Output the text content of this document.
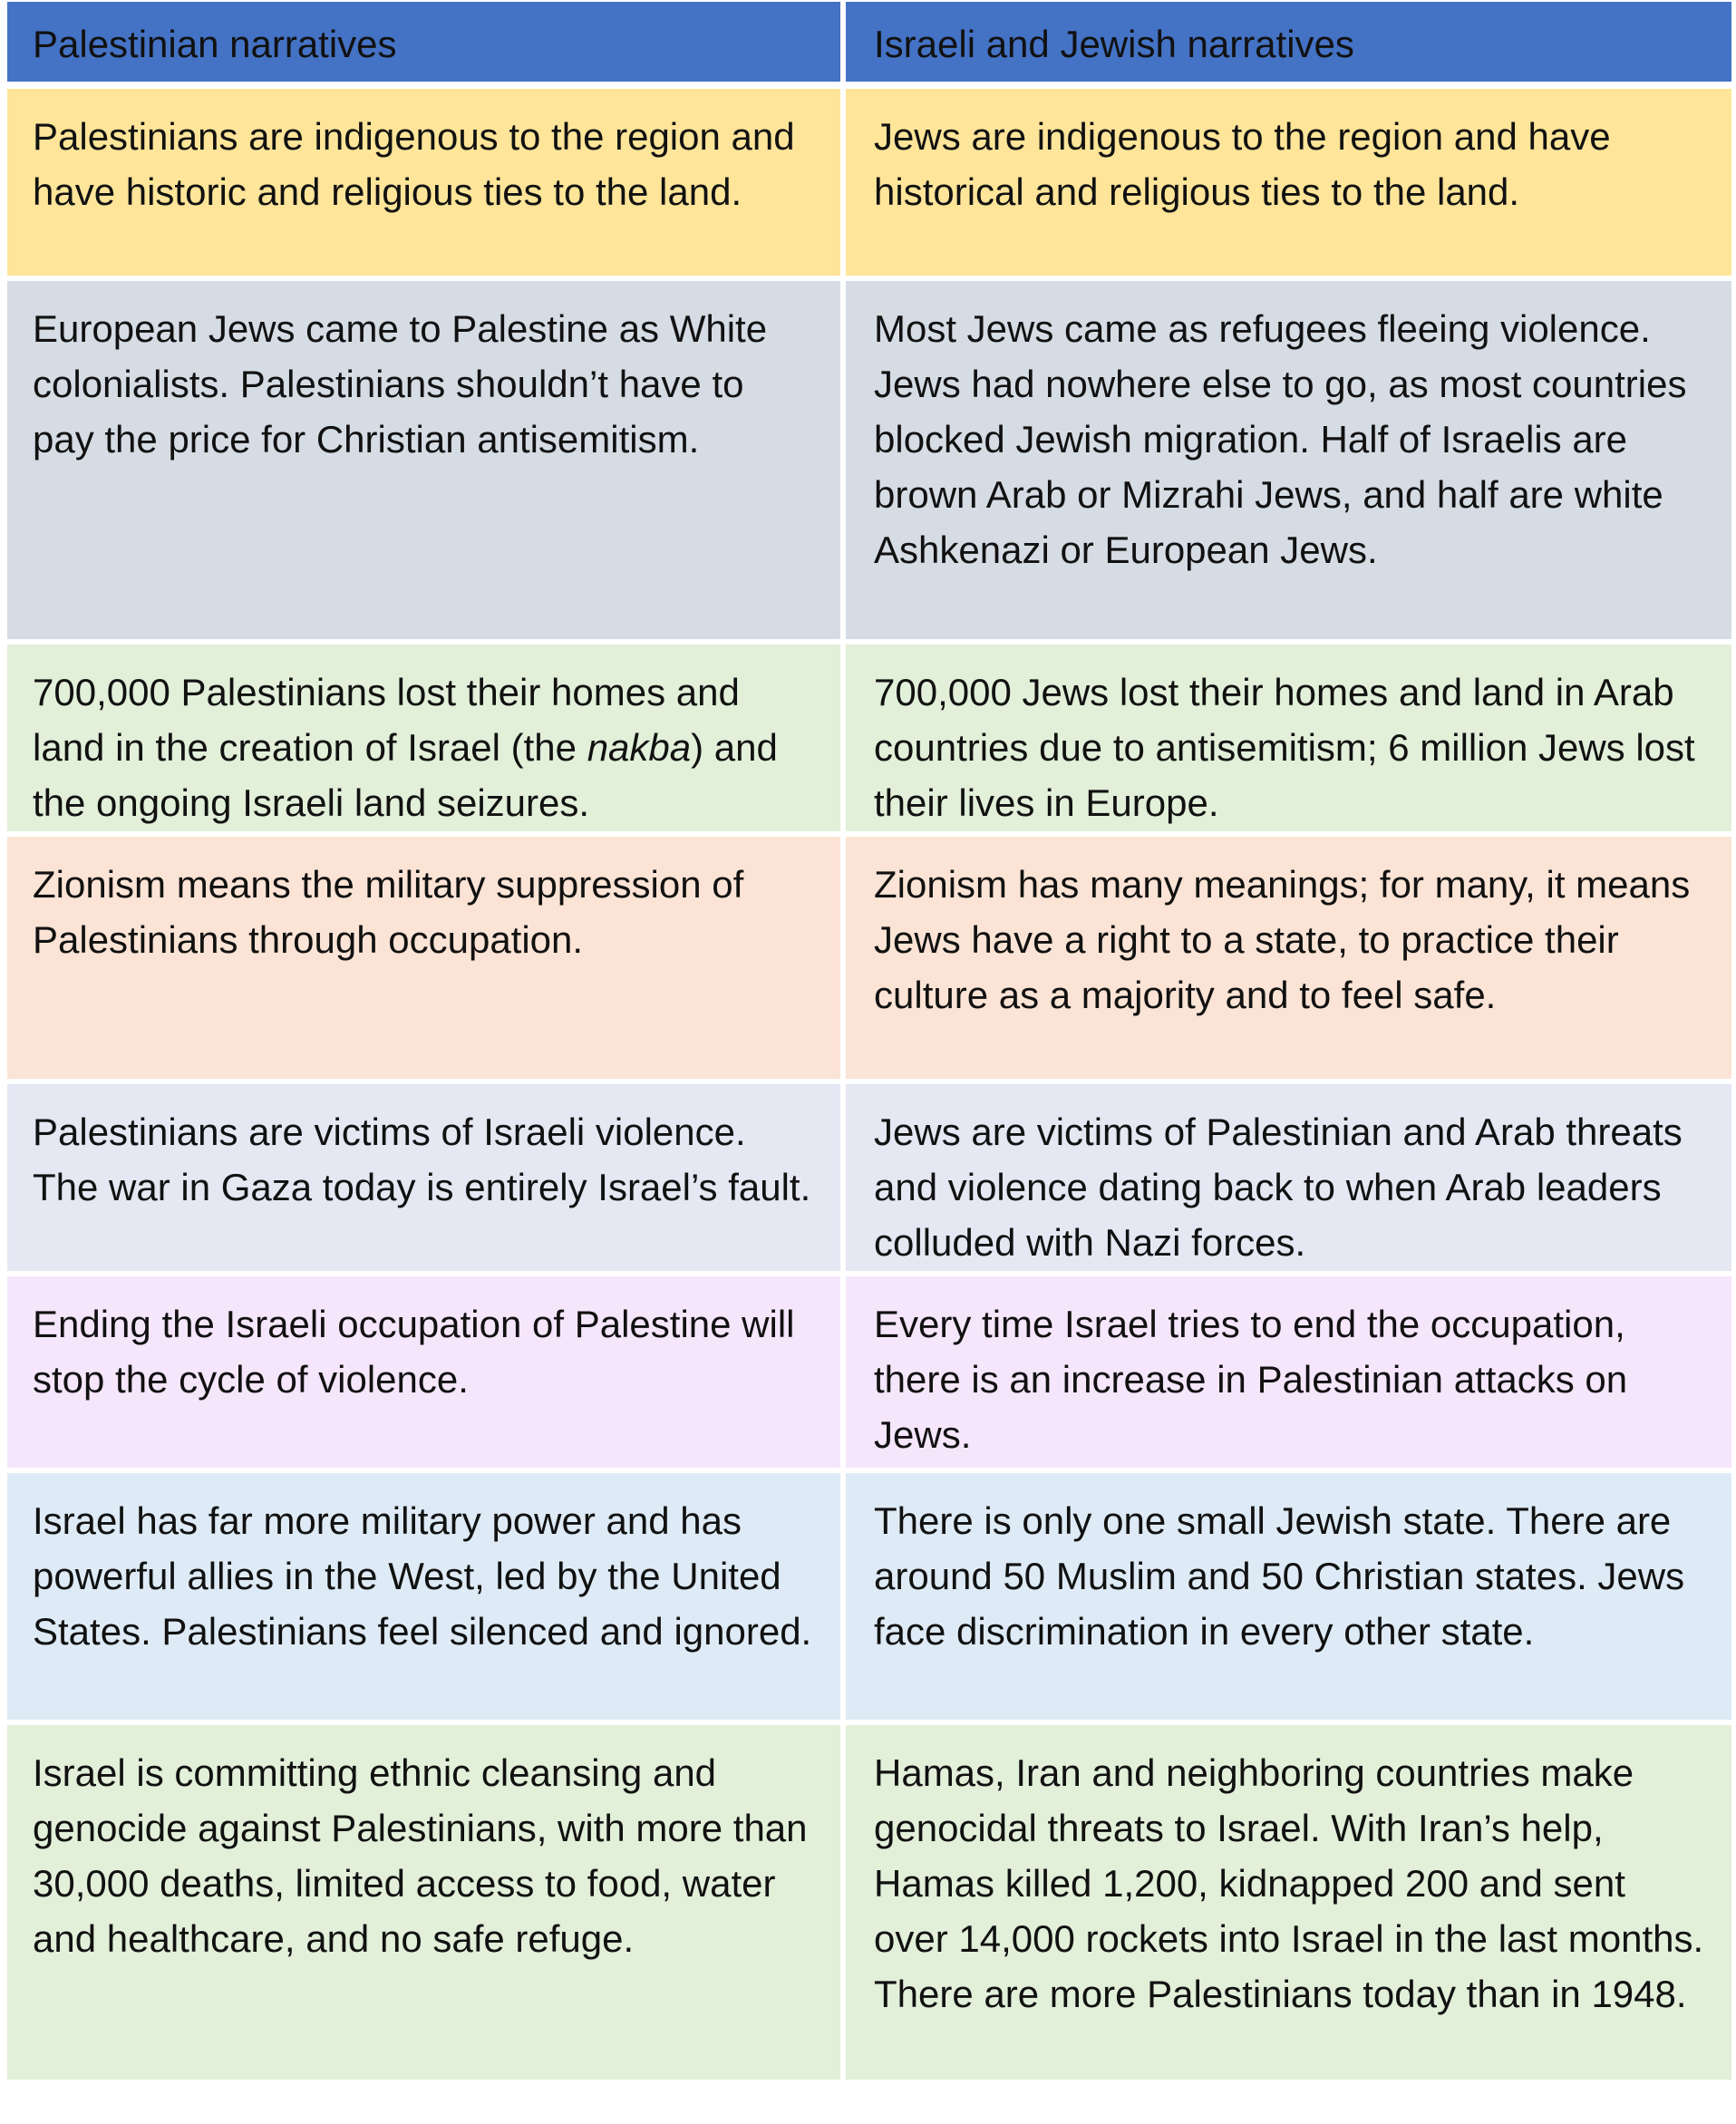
Palestinian narratives	Israeli and Jewish narratives
Palestinians are indigenous to the region and have historic and religious ties to the land.
Jews are indigenous to the region and have historical and religious ties to the land.
European Jews came to Palestine as White colonialists. Palestinians shouldn’t have to pay the price for Christian antisemitism.
Most Jews came as refugees fleeing violence. Jews had nowhere else to go, as most countries blocked Jewish migration. Half of Israelis are brown Arab or Mizrahi Jews, and half are white Ashkenazi or European Jews.
700,000 Palestinians lost their homes and land in the creation of Israel (the nakba) and the ongoing Israeli land seizures.
700,000 Jews lost their homes and land in Arab countries due to antisemitism; 6 million Jews lost their lives in Europe.
Zionism means the military suppression of Palestinians through occupation.
Zionism has many meanings; for many, it means Jews have a right to a state, to practice their culture as a majority and to feel safe.
Palestinians are victims of Israeli violence. The war in Gaza today is entirely Israel’s fault.
Jews are victims of Palestinian and Arab threats and violence dating back to when Arab leaders colluded with Nazi forces.
Ending the Israeli occupation of Palestine will stop the cycle of violence.
Every time Israel tries to end the occupation, there is an increase in Palestinian attacks on Jews.
Israel has far more military power and has powerful allies in the West, led by the United States. Palestinians feel silenced and ignored.
There is only one small Jewish state. There are around 50 Muslim and 50 Christian states. Jews face discrimination in every other state.
Israel is committing ethnic cleansing and genocide against Palestinians, with more than 30,000 deaths, limited access to food, water and healthcare, and no safe refuge.
Hamas, Iran and neighboring countries make genocidal threats to Israel. With Iran’s help, Hamas killed 1,200, kidnapped 200 and sent over 14,000 rockets into Israel in the last months. There are more Palestinians today than in 1948.
